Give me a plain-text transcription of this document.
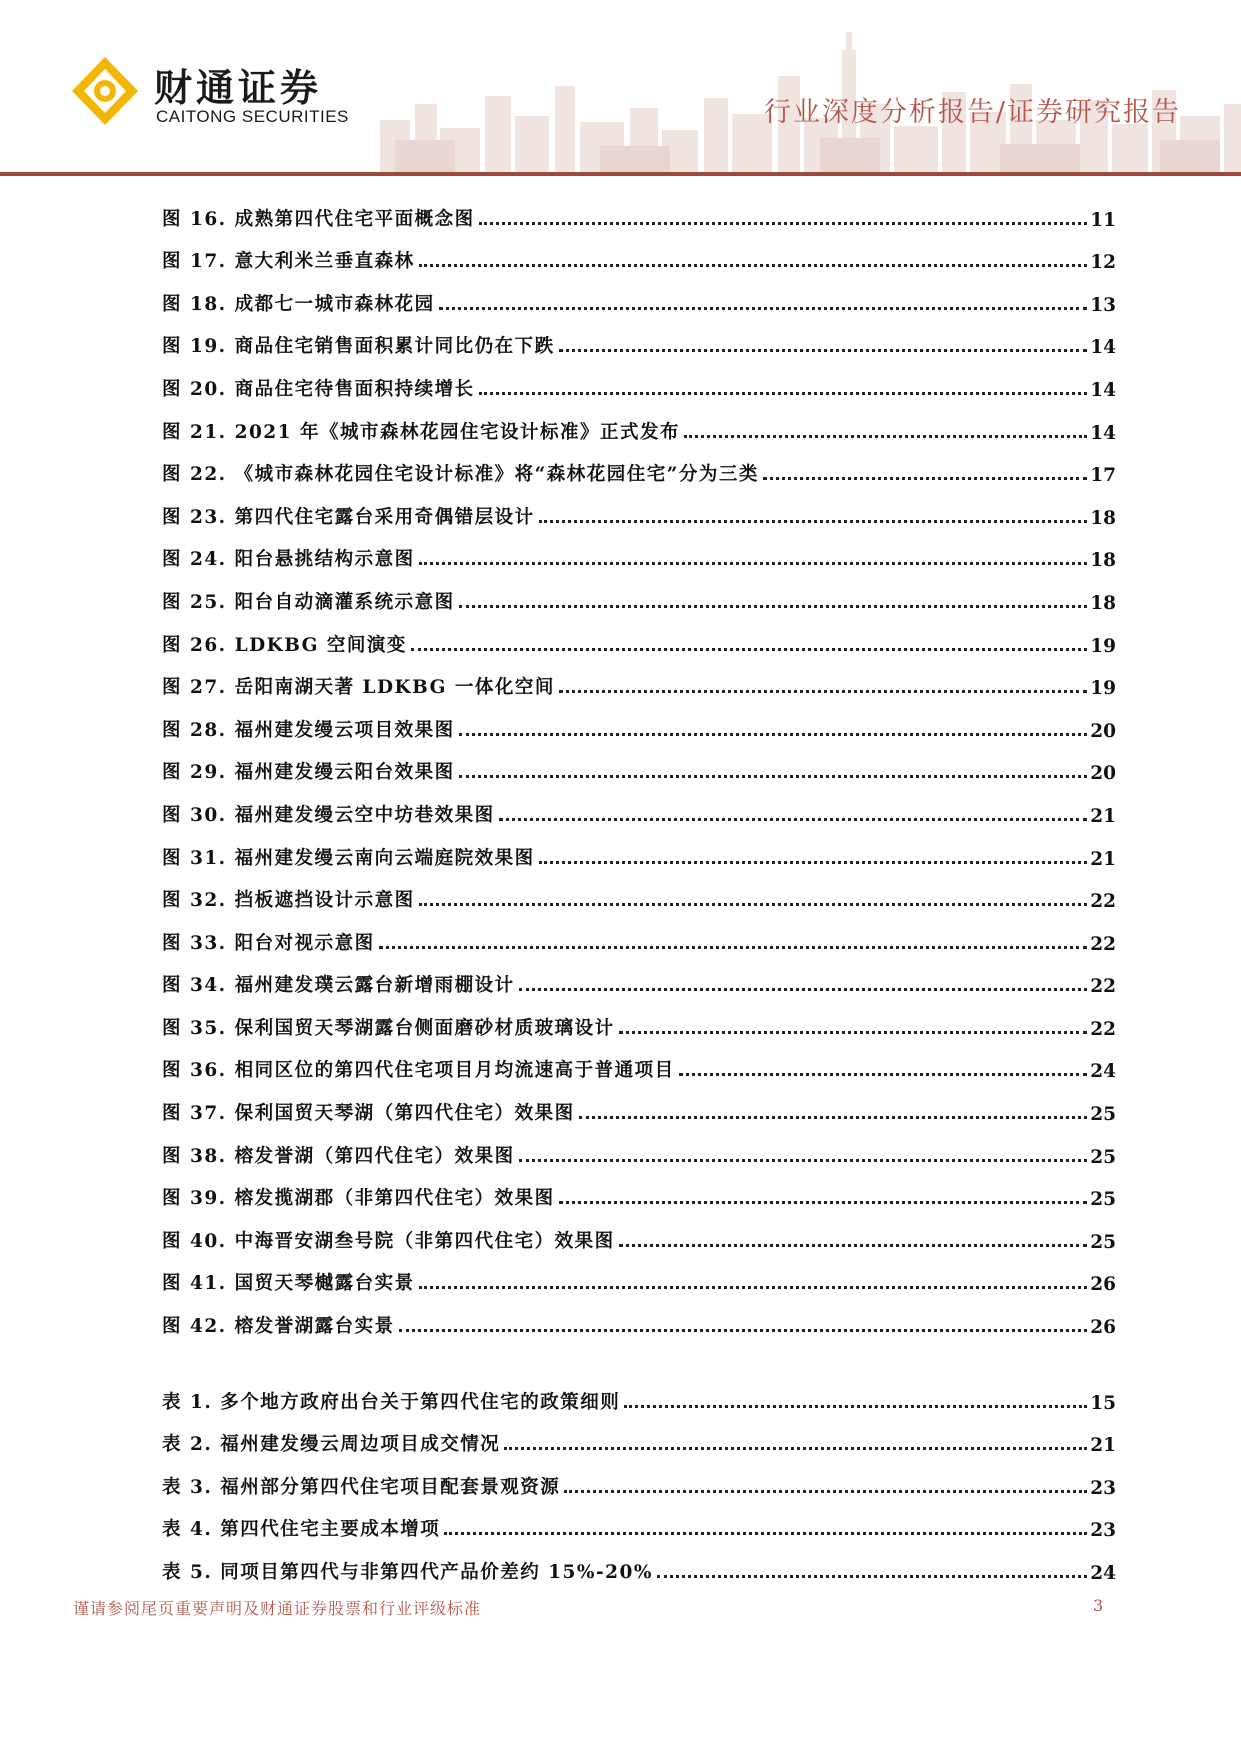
财通证券
CAITONG SECURITIES	行业深度分析报告/证券研究报告
图 16. 成熟第四代住宅平面概念图	11
图 17. 意大利米兰垂直森林	12
图 18. 成都七一城市森林花园	13
图 19. 商品住宅销售面积累计同比仍在下跌	14
图 20. 商品住宅待售面积持续增长	14
图 21. 2021 年《城市森林花园住宅设计标准》正式发布	14
图 22. 《城市森林花园住宅设计标准》将“森林花园住宅”分为三类	17
图 23. 第四代住宅露台采用奇偶错层设计	18
图 24. 阳台悬挑结构示意图	18
图 25. 阳台自动滴灌系统示意图	18
图 26. LDKBG 空间演变	19
图 27. 岳阳南湖天著 LDKBG 一体化空间	19
图 28. 福州建发缦云项目效果图	20
图 29. 福州建发缦云阳台效果图	20
图 30. 福州建发缦云空中坊巷效果图	21
图 31. 福州建发缦云南向云端庭院效果图	21
图 32. 挡板遮挡设计示意图	22
图 33. 阳台对视示意图	22
图 34. 福州建发璞云露台新增雨棚设计	22
图 35. 保利国贸天琴湖露台侧面磨砂材质玻璃设计	22
图 36. 相同区位的第四代住宅项目月均流速高于普通项目	24
图 37. 保利国贸天琴湖（第四代住宅）效果图	25
图 38. 榕发誉湖（第四代住宅）效果图	25
图 39. 榕发揽湖郡（非第四代住宅）效果图	25
图 40. 中海晋安湖叁号院（非第四代住宅）效果图	25
图 41. 国贸天琴樾露台实景	26
图 42. 榕发誉湖露台实景	26
表 1. 多个地方政府出台关于第四代住宅的政策细则	15
表 2. 福州建发缦云周边项目成交情况	21
表 3. 福州部分第四代住宅项目配套景观资源	23
表 4. 第四代住宅主要成本增项	23
表 5. 同项目第四代与非第四代产品价差约 15%-20%	24
谨请参阅尾页重要声明及财通证券股票和行业评级标准	3
